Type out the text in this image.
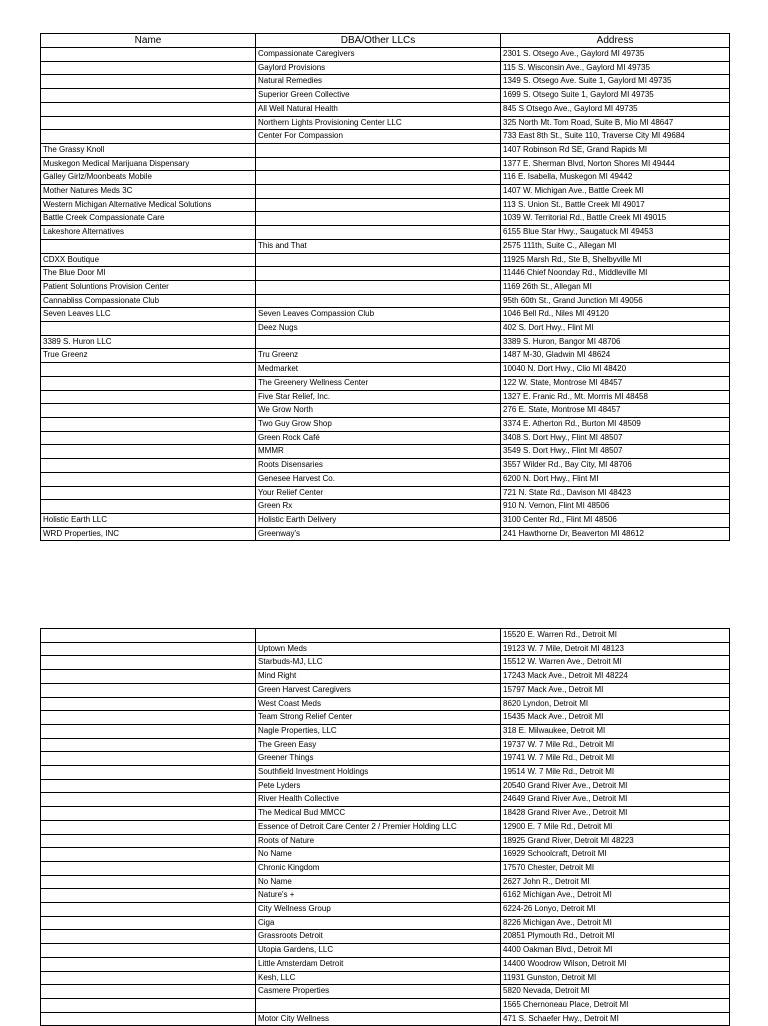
Name	DBA/Other LLCs	Address
	Compassionate Caregivers	2301 S. Otsego Ave., Gaylord MI 49735
	Gaylord Provisions	115 S. Wisconsin Ave., Gaylord MI 49735
	Natural Remedies	1349 S. Otsego Ave. Suite 1, Gaylord MI 49735
	Superior Green Collective	1699 S. Otsego Suite 1, Gaylord MI 49735
	All Well Natural Health	845 S Otsego Ave., Gaylord MI 49735
	Northern Lights Provisioning Center LLC	325 North Mt. Tom Road, Suite B, Mio MI 48647
	Center For Compassion	733 East 8th St., Suite 110, Traverse City MI 49684
The Grassy Knoll		1407 Robinson Rd SE, Grand Rapids MI
Muskegon Medical Marijuana Dispensary		1377 E. Sherman Blvd, Norton Shores MI 49444
Galley Girlz/Moonbeats Mobile		116 E. Isabella, Muskegon MI 49442
Mother Natures Meds 3C		1407 W. Michigan Ave., Battle Creek MI
Western Michigan Alternative Medical Solutions		113 S. Union St., Battle Creek MI 49017
Battle Creek Compassionate Care		1039 W. Territorial Rd., Battle Creek MI 49015
Lakeshore Alternatives		6155 Blue Star Hwy., Saugatuck MI 49453
	This and That	2575 111th, Suite C., Allegan MI
CDXX Boutique		11925 Marsh Rd., Ste B, Shelbyville MI
The Blue Door MI		11446 Chief Noonday Rd., Middleville MI
Patient Soluntions Provision Center		1169 26th St., Allegan MI
Cannabliss Compassionate Club		95th 60th St., Grand Junction MI 49056
Seven Leaves LLC	Seven Leaves Compassion Club	1046 Bell Rd., Niles MI 49120
	Deez Nugs	402 S. Dort Hwy., Flint MI
3389 S. Huron LLC		3389 S. Huron, Bangor MI 48706
True Greenz	Tru Greenz	1487 M-30, Gladwin MI 48624
	Medmarket	10040 N. Dort Hwy., Clio MI 48420
	The Greenery Wellness Center	122 W. State, Montrose MI 48457
	Five Star Relief, Inc.	1327 E. Franic Rd., Mt. Morrris MI 48458
	We Grow North	276 E. State, Montrose MI 48457
	Two Guy Grow Shop	3374 E. Atherton Rd., Burton MI 48509
	Green Rock Café	3408 S. Dort Hwy., Flint MI 48507
	MMMR	3549 S. Dort Hwy., Flint MI 48507
	Roots Disensaries	3557 Wilder Rd., Bay City, MI 48706
	Genesee Harvest Co.	6200 N. Dort Hwy., Flint MI
	Your Relief Center	721 N. State Rd., Davison MI 48423
	Green Rx	910 N. Vernon, Flint MI 48506
Holistic Earth LLC	Holistic Earth Delivery	3100 Center Rd., Flint MI 48506
WRD Properties, INC	Greenway's	241 Hawthorne Dr, Beaverton MI 48612
		15520 E. Warren Rd., Detroit MI
	Uptown Meds	19123 W. 7 Mile, Detroit MI 48123
	Starbuds-MJ, LLC	15512 W. Warren Ave., Detroit MI
	Mind Right	17243 Mack Ave., Detroit MI 48224
	Green Harvest Caregivers	15797 Mack Ave., Detroit MI
	West Coast Meds	8620 Lyndon, Detroit MI
	Team Strong Relief Center	15435 Mack Ave., Detroit MI
	Nagle Properties, LLC	318 E. Milwaukee, Detroit MI
	The Green Easy	19737 W. 7 Mile Rd., Detroit MI
	Greener Things	19741 W. 7 Mile Rd., Detroit MI
	Southfield Investment Holdings	19514 W. 7 Mile Rd., Detroit MI
	Pete Lyders	20540 Grand River Ave., Detroit MI
	River Health Collective	24649 Grand River Ave., Detroit MI
	The Medical Bud MMCC	18428 Grand River Ave., Detroit MI
	Essence of Detroit Care Center 2 / Premier Holding LLC	12900 E. 7 Mile Rd., Detroit MI
	Roots of Nature	18925 Grand River, Detroit MI 48223
	No Name	16929 Schoolcraft, Detroit MI
	Chronic Kingdom	17570 Chester, Detroit MI
	No Name	2627 John R., Detroit MI
	Nature's +	6162 Michigan Ave., Detroit MI
	City Wellness Group	6224-26 Lonyo, Detroit MI
	Ciga	8226 Michigan Ave., Detroit MI
	Grassroots Detroit	20851 Plymouth Rd., Detroit MI
	Utopia Gardens, LLC	4400 Oakman Blvd., Detroit MI
	Little Amsterdam Detroit	14400 Woodrow Wilson, Detroit MI
	Kesh, LLC	11931 Gunston, Detroit MI
	Casmere Properties	5820 Nevada, Detroit MI
		1565 Chernoneau Place, Detroit MI
	Motor City Wellness	471 S. Schaefer Hwy., Detroit MI
